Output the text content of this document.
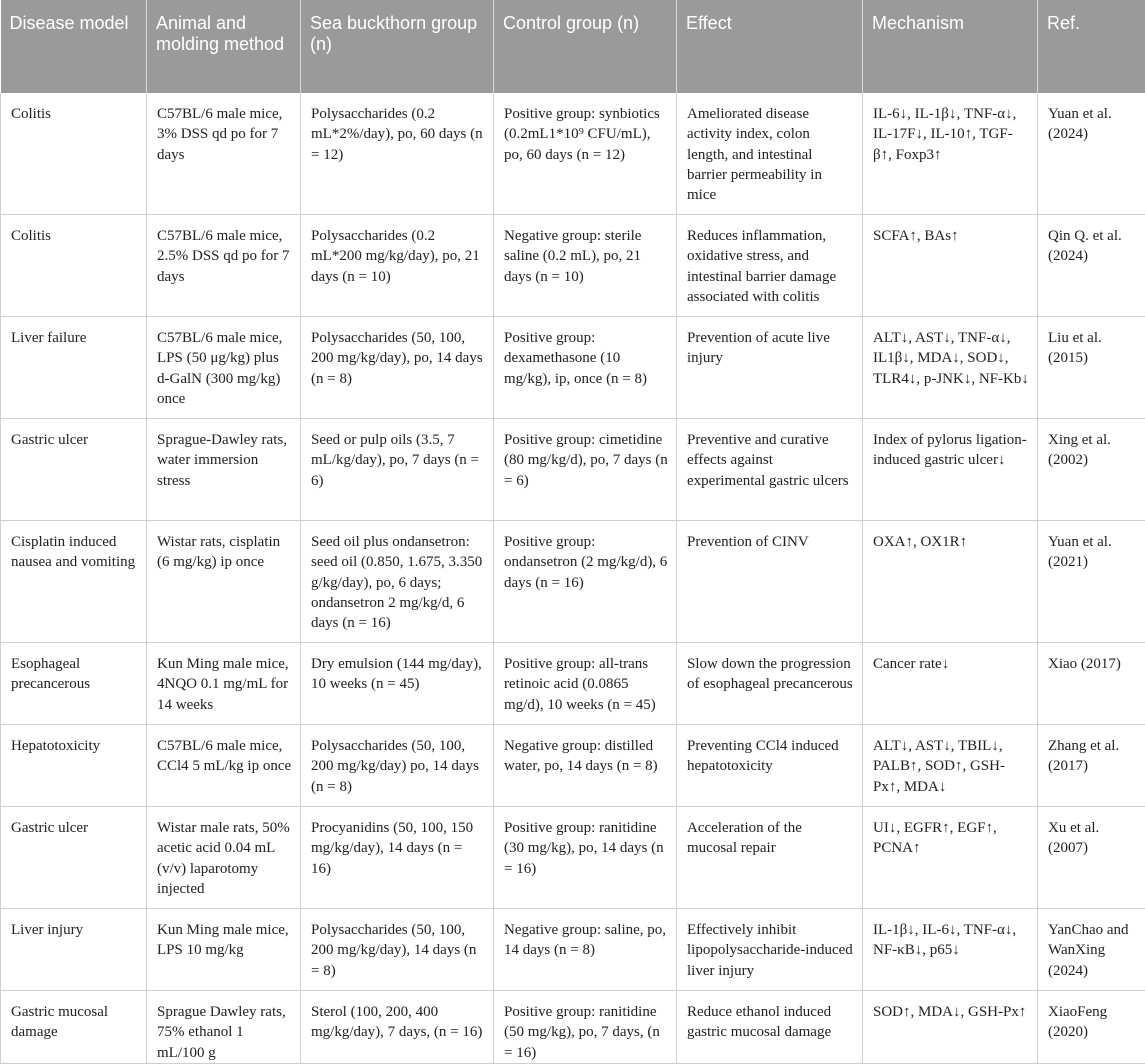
Disease model	Animal and molding method	Sea buckthorn group (n)	Control group (n)	Effect	Mechanism	Ref.
Colitis	C57BL/6 male mice, 3% DSS qd po for 7 days	Polysaccharides (0.2 mL*2%/day), po, 60 days (n = 12)	Positive group: synbiotics (0.2mL1*10⁹ CFU/mL), po, 60 days (n = 12)	Ameliorated disease activity index, colon length, and intestinal barrier permeability in mice	IL-6↓, IL-1β↓, TNF-α↓, IL-17F↓, IL-10↑, TGF-β↑, Foxp3↑	Yuan et al. (2024)
Colitis	C57BL/6 male mice, 2.5% DSS qd po for 7 days	Polysaccharides (0.2 mL*200 mg/kg/day), po, 21 days (n = 10)	Negative group: sterile saline (0.2 mL), po, 21 days (n = 10)	Reduces inflammation, oxidative stress, and intestinal barrier damage associated with colitis	SCFA↑, BAs↑	Qin Q. et al. (2024)
Liver failure	C57BL/6 male mice, LPS (50 μg/kg) plus d-GalN (300 mg/kg) once	Polysaccharides (50, 100, 200 mg/kg/day), po, 14 days (n = 8)	Positive group: dexamethasone (10 mg/kg), ip, once (n = 8)	Prevention of acute live injury	ALT↓, AST↓, TNF-α↓, IL1β↓, MDA↓, SOD↓, TLR4↓, p-JNK↓, NF-Kb↓	Liu et al. (2015)
Gastric ulcer	Sprague-Dawley rats, water immersion stress	Seed or pulp oils (3.5, 7 mL/kg/day), po, 7 days (n = 6)	Positive group: cimetidine (80 mg/kg/d), po, 7 days (n = 6)	Preventive and curative effects against experimental gastric ulcers	Index of pylorus ligation-induced gastric ulcer↓	Xing et al. (2002)
Cisplatin induced nausea and vomiting	Wistar rats, cisplatin (6 mg/kg) ip once	Seed oil plus ondansetron: seed oil (0.850, 1.675, 3.350 g/kg/day), po, 6 days; ondansetron 2 mg/kg/d, 6 days (n = 16)	Positive group: ondansetron (2 mg/kg/d), 6 days (n = 16)	Prevention of CINV	OXA↑, OX1R↑	Yuan et al. (2021)
Esophageal precancerous	Kun Ming male mice, 4NQO 0.1 mg/mL for 14 weeks	Dry emulsion (144 mg/day), 10 weeks (n = 45)	Positive group: all-trans retinoic acid (0.0865 mg/d), 10 weeks (n = 45)	Slow down the progression of esophageal precancerous	Cancer rate↓	Xiao (2017)
Hepatotoxicity	C57BL/6 male mice, CCl4 5 mL/kg ip once	Polysaccharides (50, 100, 200 mg/kg/day) po, 14 days (n = 8)	Negative group: distilled water, po, 14 days (n = 8)	Preventing CCl4 induced hepatotoxicity	ALT↓, AST↓, TBIL↓, PALB↑, SOD↑, GSH-Px↑, MDA↓	Zhang et al. (2017)
Gastric ulcer	Wistar male rats, 50% acetic acid 0.04 mL (v/v) laparotomy injected	Procyanidins (50, 100, 150 mg/kg/day), 14 days (n = 16)	Positive group: ranitidine (30 mg/kg), po, 14 days (n = 16)	Acceleration of the mucosal repair	UI↓, EGFR↑, EGF↑, PCNA↑	Xu et al. (2007)
Liver injury	Kun Ming male mice, LPS 10 mg/kg	Polysaccharides (50, 100, 200 mg/kg/day), 14 days (n = 8)	Negative group: saline, po, 14 days (n = 8)	Effectively inhibit lipopolysaccharide-induced liver injury	IL-1β↓, IL-6↓, TNF-α↓, NF-κB↓, p65↓	YanChao and WanXing (2024)
Gastric mucosal damage	Sprague Dawley rats, 75% ethanol 1 mL/100 g	Sterol (100, 200, 400 mg/kg/day), 7 days, (n = 16)	Positive group: ranitidine (50 mg/kg), po, 7 days, (n = 16)	Reduce ethanol induced gastric mucosal damage	SOD↑, MDA↓, GSH-Px↑	XiaoFeng (2020)
